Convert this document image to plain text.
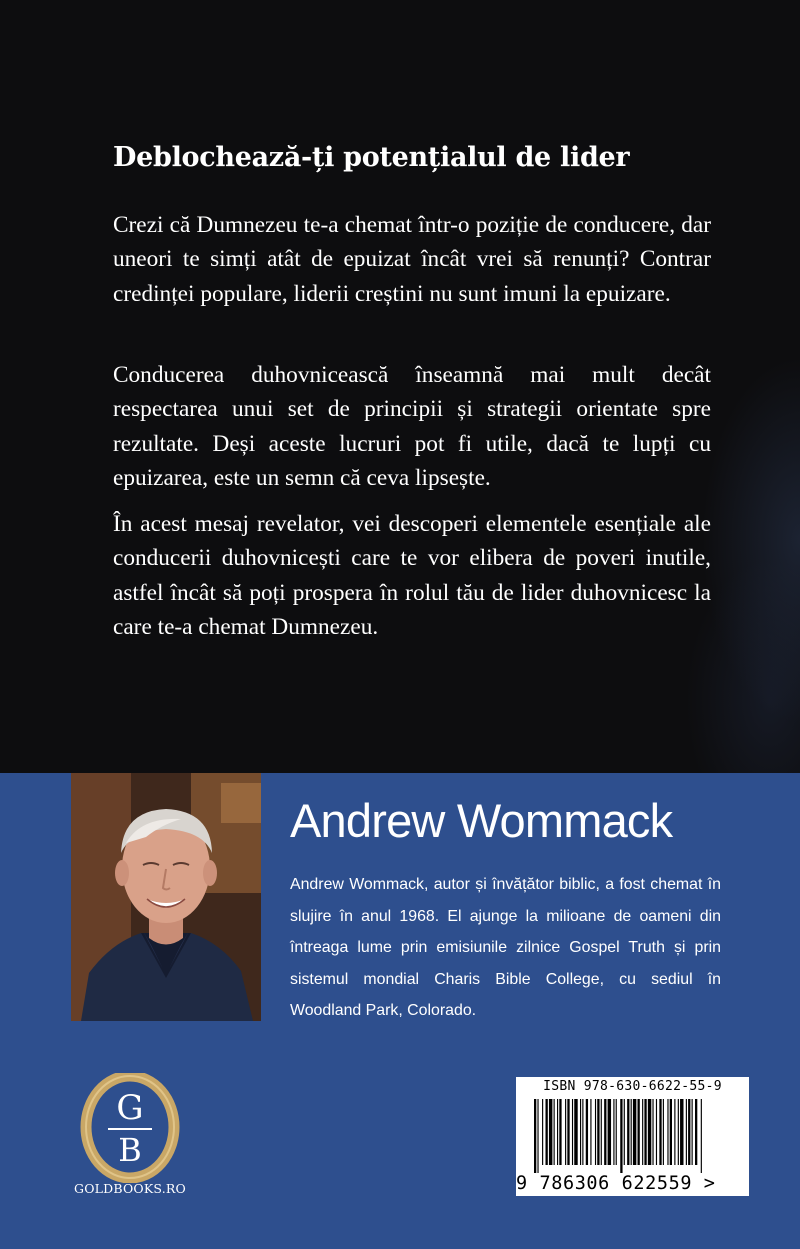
Deblochează-ți potențialul de lider

Crezi că Dumnezeu te-a chemat într-o poziție de conducere, dar uneori te simți atât de epuizat încât vrei să renunți? Contrar credinței populare, liderii creștini nu sunt imuni la epuizare.

Conducerea duhovnicească înseamnă mai mult decât respectarea unui set de principii și strategii orientate spre rezultate. Deși aceste lucruri pot fi utile, dacă te lupți cu epuizarea, este un semn că ceva lipsește.

În acest mesaj revelator, vei descoperi elementele esențiale ale conducerii duhovnicești care te vor elibera de poveri inutile, astfel încât să poți prospera în rolul tău de lider duhovnicesc la care te-a chemat Dumnezeu.

Andrew Wommack

Andrew Wommack, autor și învățător biblic, a fost chemat în slujire în anul 1968. El ajunge la milioane de oameni din întreaga lume prin emisiunile zilnice Gospel Truth și prin sistemul mondial Charis Bible College, cu sediul în Woodland Park, Colorado.

G
B
GOLDBOOKS.RO
ISBN 978-630-6622-55-9
9 786306 622559 >
